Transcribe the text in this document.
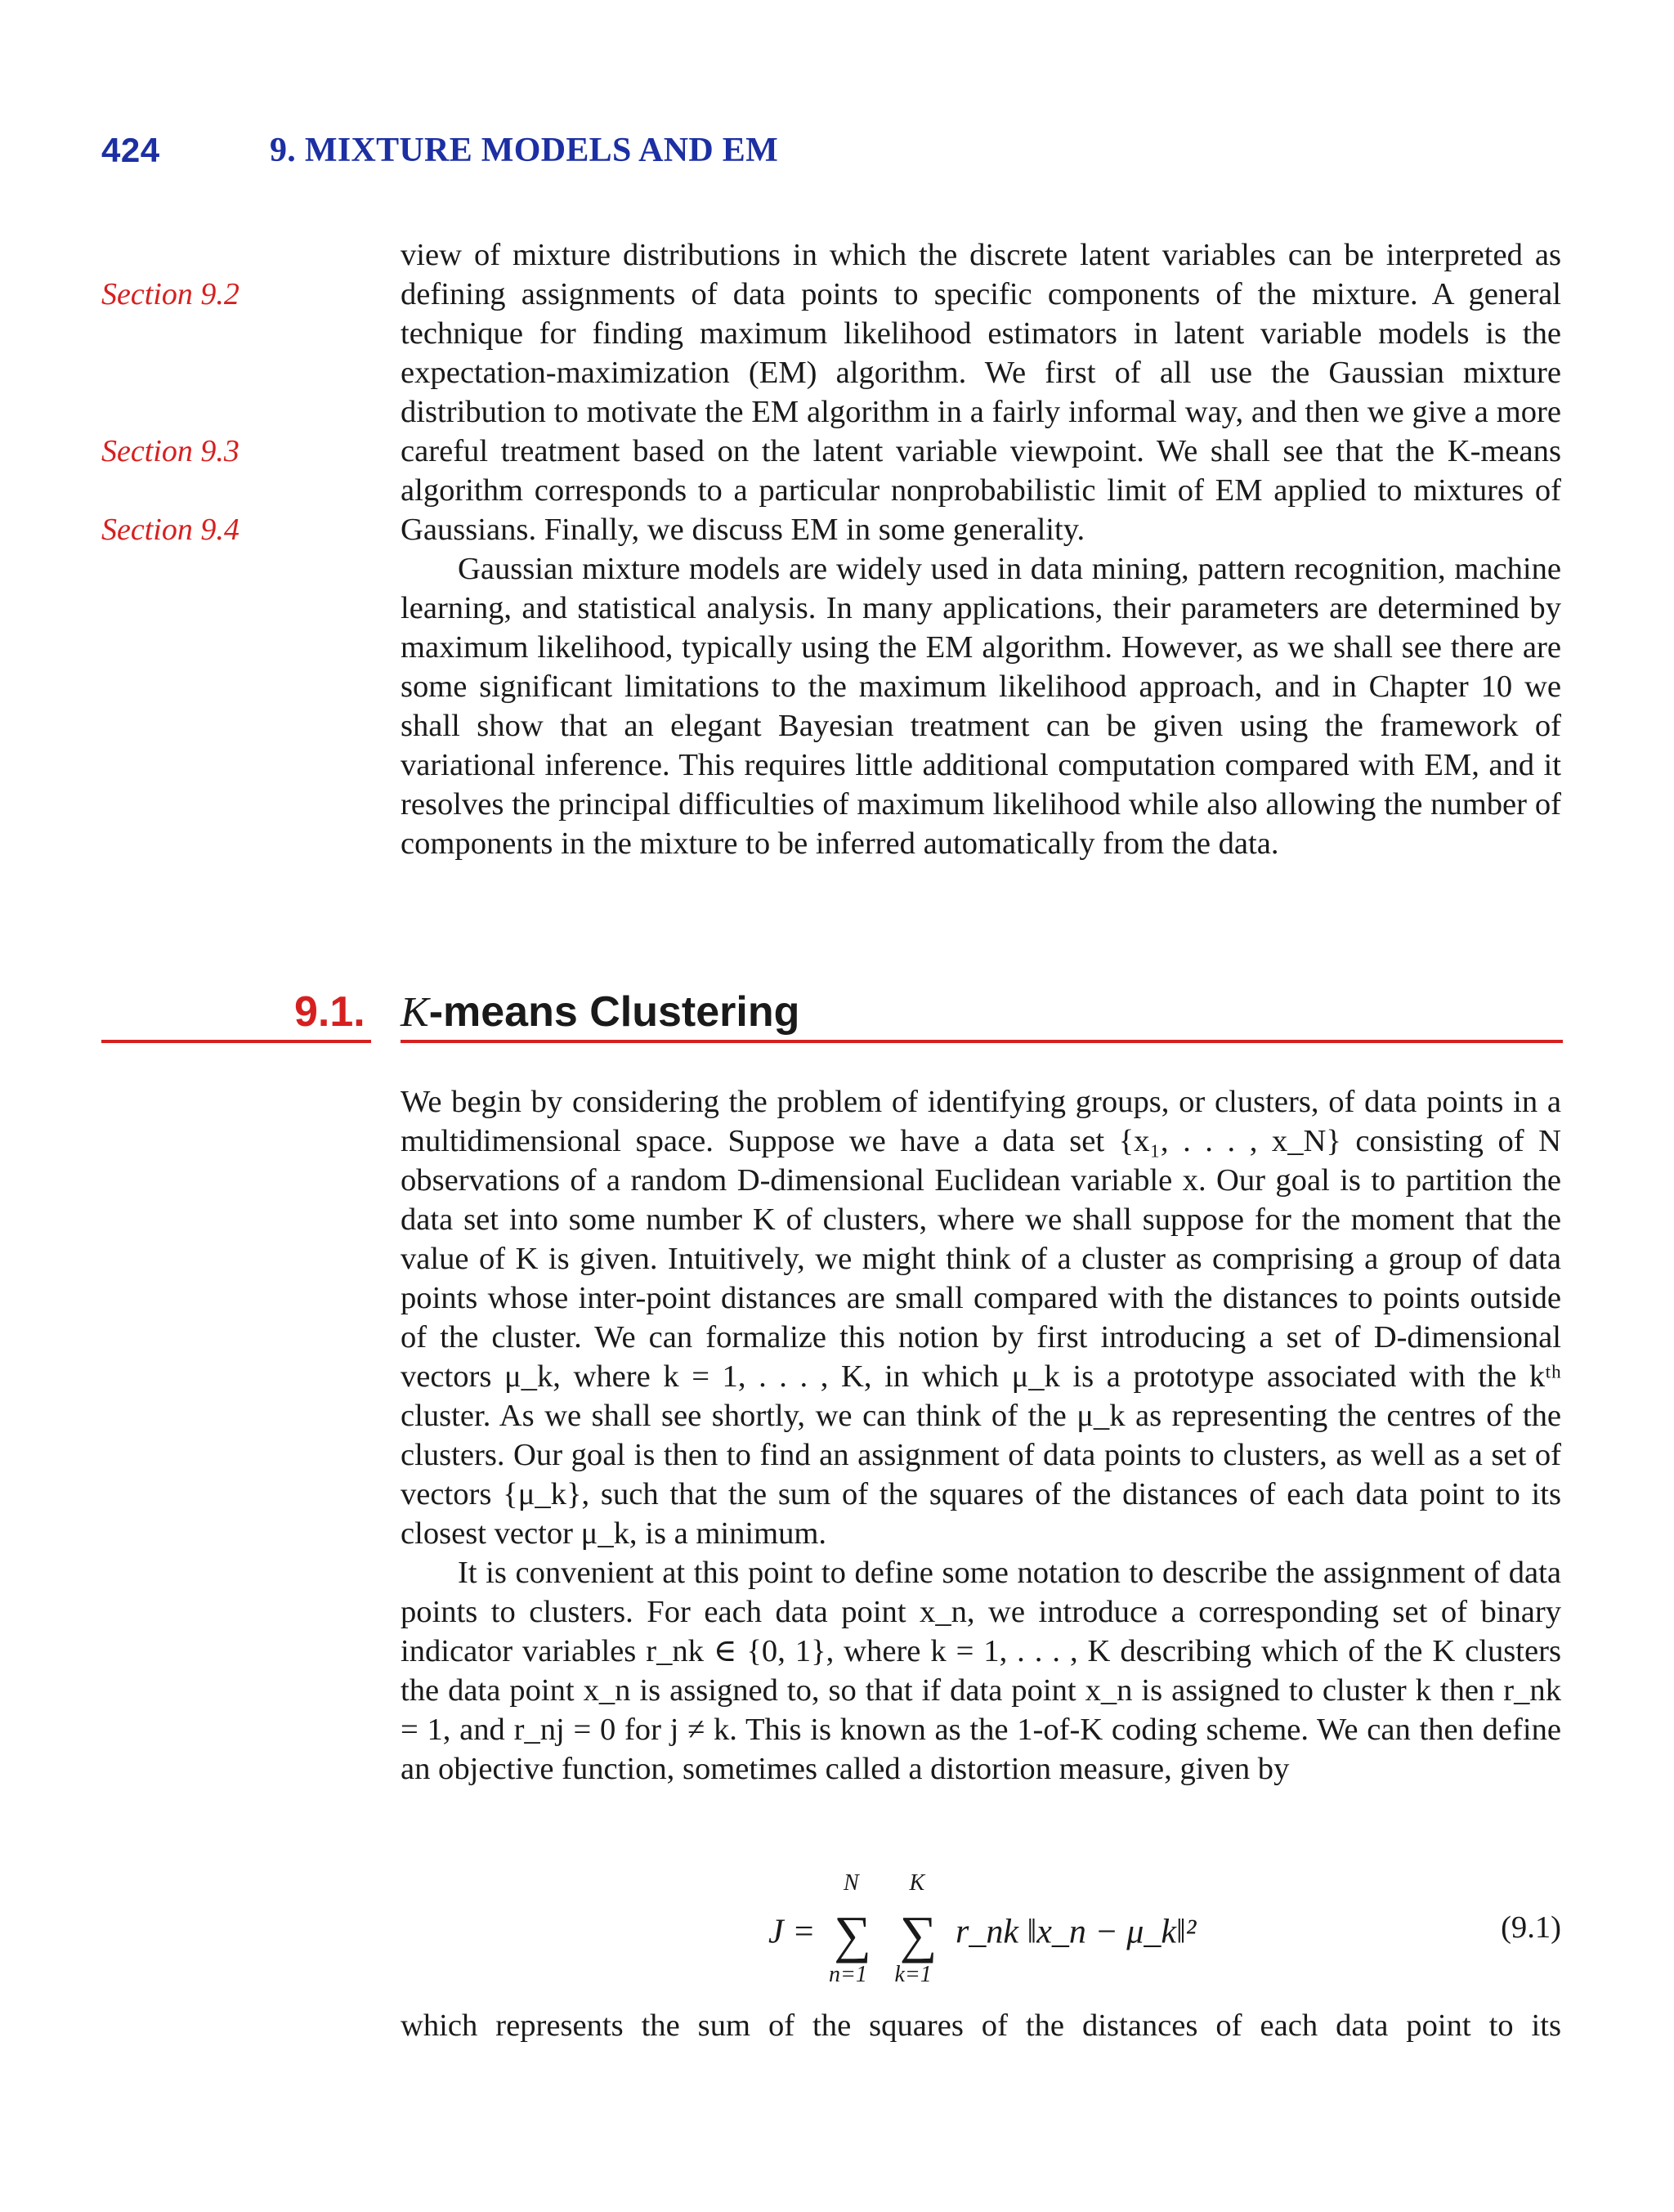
424	9. MIXTURE MODELS AND EM
Section 9.2
Section 9.3
Section 9.4

view of mixture distributions in which the discrete latent variables can be interpreted as defining assignments of data points to specific components of the mixture. A general technique for finding maximum likelihood estimators in latent variable models is the expectation-maximization (EM) algorithm. We first of all use the Gaussian mixture distribution to motivate the EM algorithm in a fairly informal way, and then we give a more careful treatment based on the latent variable viewpoint. We shall see that the K-means algorithm corresponds to a particular nonprobabilistic limit of EM applied to mixtures of Gaussians. Finally, we discuss EM in some generality.

Gaussian mixture models are widely used in data mining, pattern recognition, machine learning, and statistical analysis. In many applications, their parameters are determined by maximum likelihood, typically using the EM algorithm. However, as we shall see there are some significant limitations to the maximum likelihood approach, and in Chapter 10 we shall show that an elegant Bayesian treatment can be given using the framework of variational inference. This requires little additional computation compared with EM, and it resolves the principal difficulties of maximum likelihood while also allowing the number of components in the mixture to be inferred automatically from the data.

9.1. K-means Clustering

We begin by considering the problem of identifying groups, or clusters, of data points in a multidimensional space. Suppose we have a data set {x₁, . . . , x_N} consisting of N observations of a random D-dimensional Euclidean variable x. Our goal is to partition the data set into some number K of clusters, where we shall suppose for the moment that the value of K is given. Intuitively, we might think of a cluster as comprising a group of data points whose inter-point distances are small compared with the distances to points outside of the cluster. We can formalize this notion by first introducing a set of D-dimensional vectors μ_k, where k = 1, . . . , K, in which μ_k is a prototype associated with the kᵗʰ cluster. As we shall see shortly, we can think of the μ_k as representing the centres of the clusters. Our goal is then to find an assignment of data points to clusters, as well as a set of vectors {μ_k}, such that the sum of the squares of the distances of each data point to its closest vector μ_k, is a minimum.

It is convenient at this point to define some notation to describe the assignment of data points to clusters. For each data point x_n, we introduce a corresponding set of binary indicator variables r_nk ∈ {0, 1}, where k = 1, . . . , K describing which of the K clusters the data point x_n is assigned to, so that if data point x_n is assigned to cluster k then r_nk = 1, and r_nj = 0 for j ≠ k. This is known as the 1-of-K coding scheme. We can then define an objective function, sometimes called a distortion measure, given by

J =
N
∑
n=1

K
∑
k=1
r_nk ‖x_n − μ_k‖²	(9.1)
which represents the sum of the squares of the distances of each data point to its
